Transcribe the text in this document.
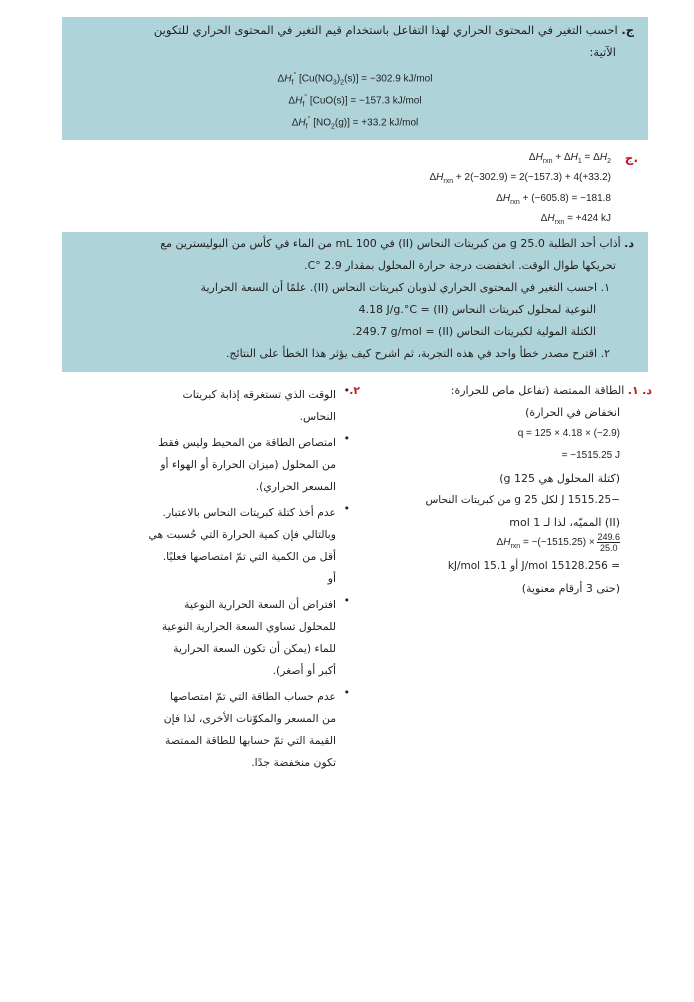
ج. احسب التغير في المحتوى الحراري لهذا التفاعل باستخدام قيم التغير في المحتوى الحراري للتكوين
الآتية:
$\Delta H_f^\circ$ $[Cu(NO_3)_2(s)] = -302.9$ kJ/mol
$\Delta H_f^\circ$ [CuO(s)] = −157.3 kJ/mol
$\Delta H_f^\circ$ $[NO_2(g)] = +33.2$ kJ/mol
ج.
$\Delta H_{rxn} + \Delta H_1 = \Delta H_2$
$\Delta H_{rxn} + 2(-302.9) = 2(-157.3) + 4(+33.2)$
$\Delta H_{rxn} + (-605.8) = -181.8$
$\Delta H_{rxn} = +424$ kJ
د. أذاب أحد الطلبة 25.0 g من كبريتات النحاس (II) في 100 mL من الماء في كأس من البوليسترين مع
تحريكها طوال الوقت. انخفضت درجة حرارة المحلول بمقدار 2.9 °C.
١. احسب التغير في المحتوى الحراري لذوبان كبريتات النحاس (II). علمًا أن السعة الحرارية
النوعية لمحلول كبريتات النحاس (II) = 4.18 J/g.°C
الكتلة المولية لكبريتات النحاس (II) = 249.7 g/mol.
٢. اقترح مصدر خطأ واحد في هذه التجربة، ثم اشرح كيف يؤثر هذا الخطأ على النتائج.
د. ١. الطاقة الممتصة (تفاعل ماص للحرارة:
انخفاض في الحرارة)
q = 125 × 4.18 × (−2.9)
= −1515.25 J
(كتلة المحلول هي 125 g)
−1515.25 J لكل 25 g من كبريتات النحاس
(II) المميّه، لذا لـ 1 mol
$\Delta H_{rxn} = -(-1515.25) \times \frac{249.6}{25.0}$
= 15128.256 J/mol أو 15.1 kJ/mol
(حتى 3 أرقام معنوية)
٢.
•
الوقت الذي تستغرقه إذابة كبريتات
النحاس.
•
امتصاص الطاقة من المحيط وليس فقط
من المحلول (ميزان الحرارة أو الهواء أو
المسعر الحراري).
•
عدم أخذ كتلة كبريتات النحاس بالاعتبار.
وبالتالي فإن كمية الحرارة التي حُسبت هي
أقل من الكمية التي تمّ امتصاصها فعليًا.
أو
•
افتراض أن السعة الحرارية النوعية
للمحلول تساوي السعة الحرارية النوعية
للماء (يمكن أن تكون السعة الحرارية
أكبر أو أصغر).
•
عدم حساب الطاقة التي تمّ امتصاصها
من المسعر والمكوّنات الأخرى، لذا فإن
القيمة التي تمّ حسابها للطاقة الممتصة
تكون منخفضة جدًا.
